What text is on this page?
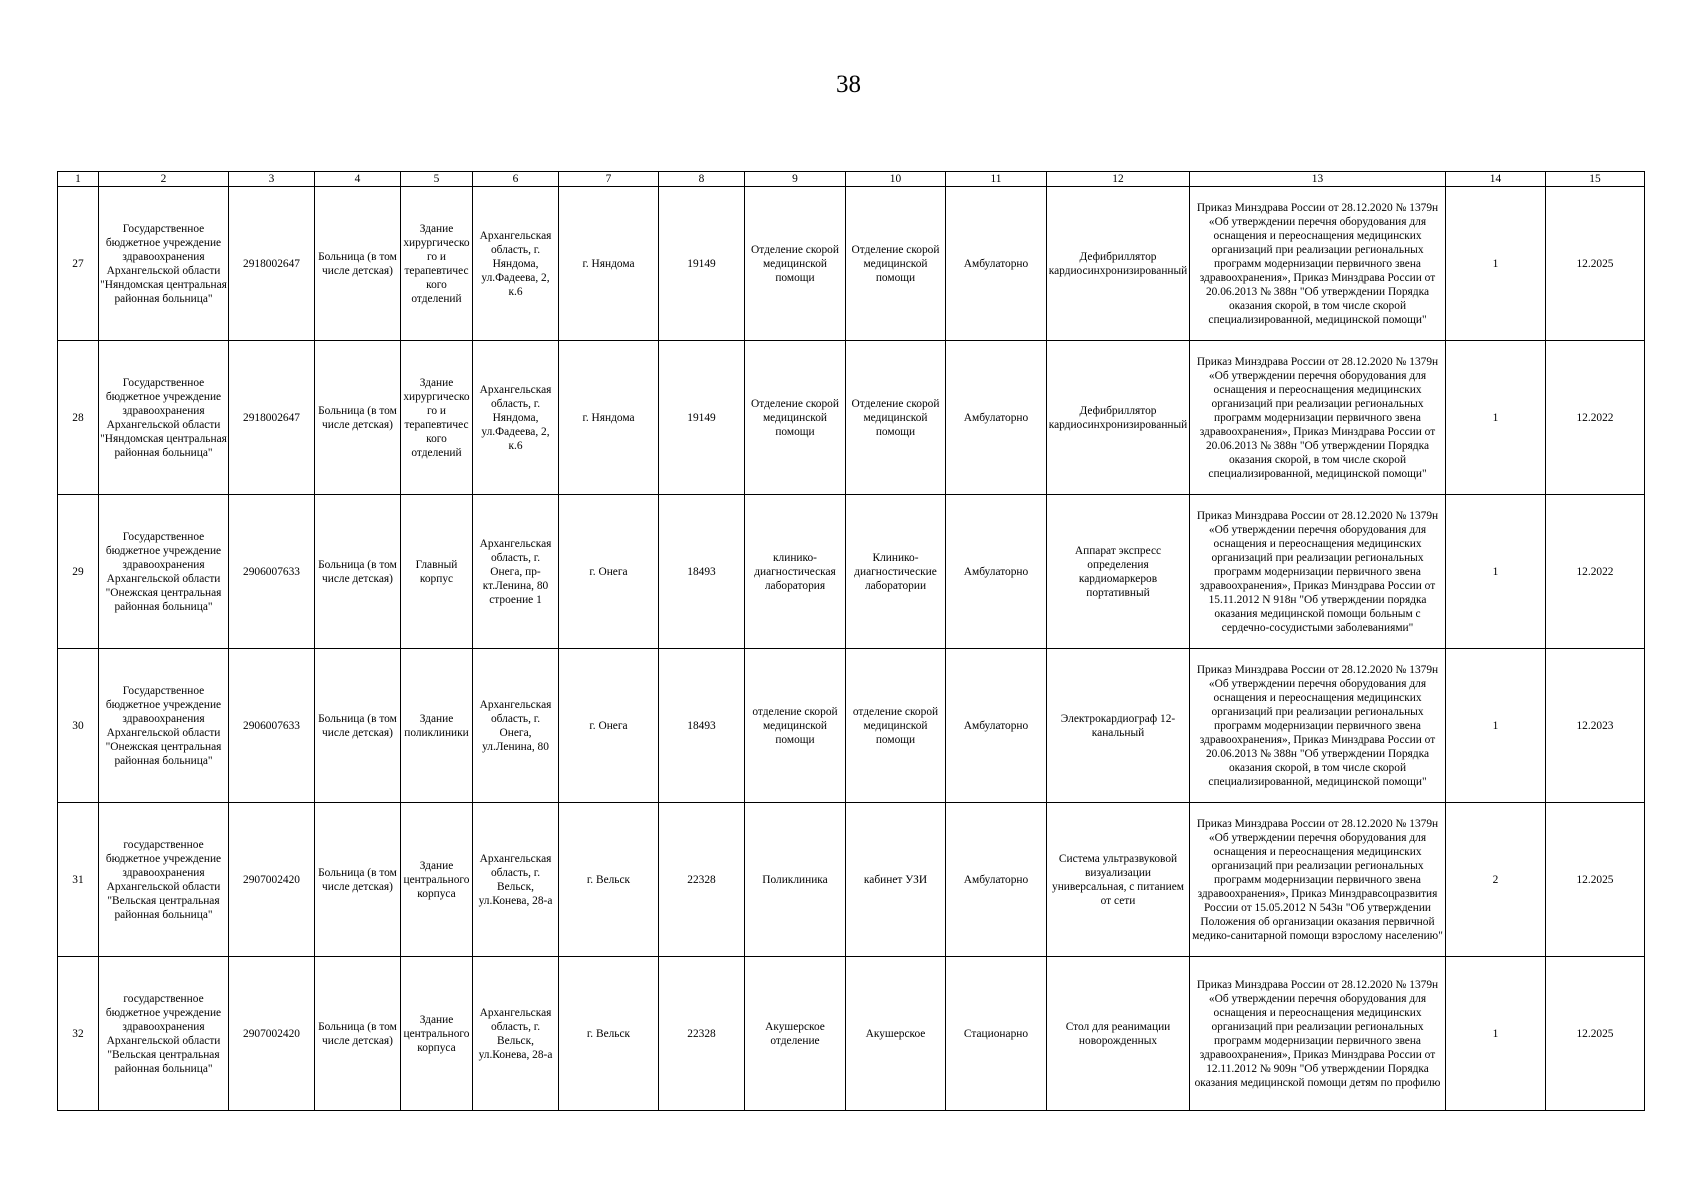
38
1	2	3	4	5	6	7	8	9	10	11	12	13	14	15
27	Государственное бюджетное учреждение здравоохранения Архангельской области "Няндомская центральная районная больница"	2918002647	Больница (в том числе детская)	Здание хирургического и терапевтического отделений	Архангельская область, г. Няндома, ул.Фадеева, 2, к.6	г. Няндома	19149	Отделение скорой медицинской помощи	Отделение скорой медицинской помощи	Амбулаторно	Дефибриллятор кардиосинхронизированный	Приказ Минздрава России от 28.12.2020 № 1379н «Об утверждении перечня оборудования для оснащения и переоснащения медицинских организаций при реализации региональных программ модернизации первичного звена здравоохранения», Приказ Минздрава России от 20.06.2013 № 388н "Об утверждении Порядка оказания скорой, в том числе скорой специализированной, медицинской помощи"	1	12.2025
28	Государственное бюджетное учреждение здравоохранения Архангельской области "Няндомская центральная районная больница"	2918002647	Больница (в том числе детская)	Здание хирургического и терапевтического отделений	Архангельская область, г. Няндома, ул.Фадеева, 2, к.6	г. Няндома	19149	Отделение скорой медицинской помощи	Отделение скорой медицинской помощи	Амбулаторно	Дефибриллятор кардиосинхронизированный	Приказ Минздрава России от 28.12.2020 № 1379н «Об утверждении перечня оборудования для оснащения и переоснащения медицинских организаций при реализации региональных программ модернизации первичного звена здравоохранения», Приказ Минздрава России от 20.06.2013 № 388н "Об утверждении Порядка оказания скорой, в том числе скорой специализированной, медицинской помощи"	1	12.2022
29	Государственное бюджетное учреждение здравоохранения Архангельской области "Онежская центральная районная больница"	2906007633	Больница (в том числе детская)	Главный корпус	Архангельская область, г. Онега, пр-кт.Ленина, 80 строение 1	г. Онега	18493	клинико-диагностическая лаборатория	Клинико-диагностические лаборатории	Амбулаторно	Аппарат экспресс определения кардиомаркеров портативный	Приказ Минздрава России от 28.12.2020 № 1379н «Об утверждении перечня оборудования для оснащения и переоснащения медицинских организаций при реализации региональных программ модернизации первичного звена здравоохранения», Приказ Минздрава России от 15.11.2012 N 918н "Об утверждении порядка оказания медицинской помощи больным с сердечно-сосудистыми заболеваниями"	1	12.2022
30	Государственное бюджетное учреждение здравоохранения Архангельской области "Онежская центральная районная больница"	2906007633	Больница (в том числе детская)	Здание поликлиники	Архангельская область, г. Онега, ул.Ленина, 80	г. Онега	18493	отделение скорой медицинской помощи	отделение скорой медицинской помощи	Амбулаторно	Электрокардиограф 12-канальный	Приказ Минздрава России от 28.12.2020 № 1379н «Об утверждении перечня оборудования для оснащения и переоснащения медицинских организаций при реализации региональных программ модернизации первичного звена здравоохранения», Приказ Минздрава России от 20.06.2013 № 388н "Об утверждении Порядка оказания скорой, в том числе скорой специализированной, медицинской помощи"	1	12.2023
31	государственное бюджетное учреждение здравоохранения Архангельской области "Вельская центральная районная больница"	2907002420	Больница (в том числе детская)	Здание центрального корпуса	Архангельская область, г. Вельск, ул.Конева, 28-а	г. Вельск	22328	Поликлиника	кабинет УЗИ	Амбулаторно	Система ультразвуковой визуализации универсальная, с питанием от сети	Приказ Минздрава России от 28.12.2020 № 1379н «Об утверждении перечня оборудования для оснащения и переоснащения медицинских организаций при реализации региональных программ модернизации первичного звена здравоохранения», Приказ Минздравсоцразвития России от 15.05.2012 N 543н "Об утверждении Положения об организации оказания первичной медико-санитарной помощи взрослому населению"	2	12.2025
32	государственное бюджетное учреждение здравоохранения Архангельской области "Вельская центральная районная больница"	2907002420	Больница (в том числе детская)	Здание центрального корпуса	Архангельская область, г. Вельск, ул.Конева, 28-а	г. Вельск	22328	Акушерское отделение	Акушерское	Стационарно	Стол для реанимации новорожденных	Приказ Минздрава России от 28.12.2020 № 1379н «Об утверждении перечня оборудования для оснащения и переоснащения медицинских организаций при реализации региональных программ модернизации первичного звена здравоохранения», Приказ Минздрава России от 12.11.2012 № 909н "Об утверждении Порядка оказания медицинской помощи детям по профилю	1	12.2025
